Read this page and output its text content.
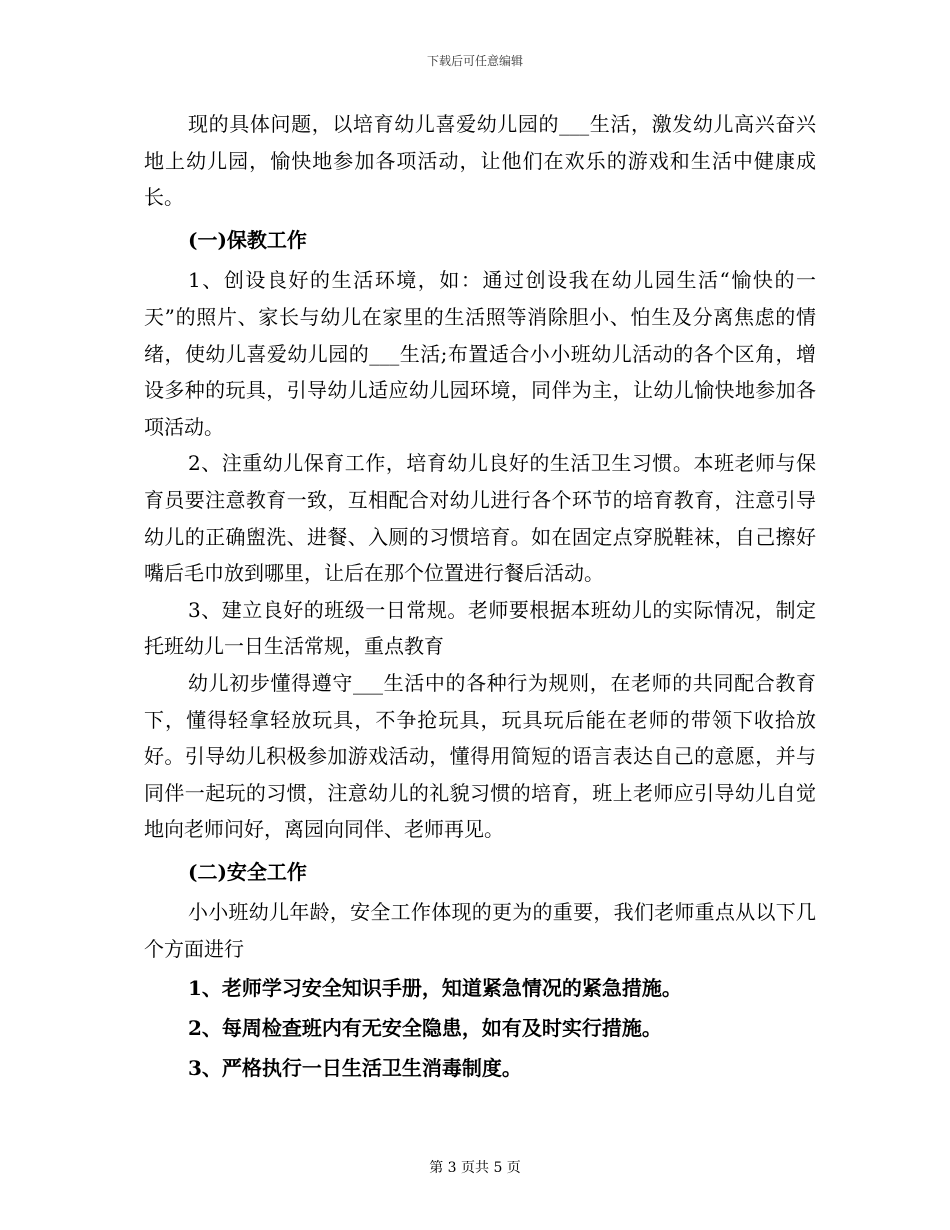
下载后可任意编辑

现的具体问题，以培育幼儿喜爱幼儿园的___生活，激发幼儿高兴奋兴地上幼儿园，愉快地参加各项活动，让他们在欢乐的游戏和生活中健康成长。

(一)保教工作

1、创设良好的生活环境，如：通过创设我在幼儿园生活“愉快的一天”的照片、家长与幼儿在家里的生活照等消除胆小、怕生及分离焦虑的情绪，使幼儿喜爱幼儿园的___生活;布置适合小小班幼儿活动的各个区角，增设多种的玩具，引导幼儿适应幼儿园环境，同伴为主，让幼儿愉快地参加各项活动。

2、注重幼儿保育工作，培育幼儿良好的生活卫生习惯。本班老师与保育员要注意教育一致，互相配合对幼儿进行各个环节的培育教育，注意引导幼儿的正确盥洗、进餐、入厕的习惯培育。如在固定点穿脱鞋袜，自己擦好嘴后毛巾放到哪里，让后在那个位置进行餐后活动。

3、建立良好的班级一日常规。老师要根据本班幼儿的实际情况，制定托班幼儿一日生活常规，重点教育

幼儿初步懂得遵守___生活中的各种行为规则，在老师的共同配合教育下，懂得轻拿轻放玩具，不争抢玩具，玩具玩后能在老师的带领下收拾放好。引导幼儿积极参加游戏活动，懂得用简短的语言表达自己的意愿，并与同伴一起玩的习惯，注意幼儿的礼貌习惯的培育，班上老师应引导幼儿自觉地向老师问好，离园向同伴、老师再见。

(二)安全工作

小小班幼儿年龄，安全工作体现的更为的重要，我们老师重点从以下几个方面进行

1、老师学习安全知识手册，知道紧急情况的紧急措施。

2、每周检查班内有无安全隐患，如有及时实行措施。

3、严格执行一日生活卫生消毒制度。

第 3 页共 5 页
